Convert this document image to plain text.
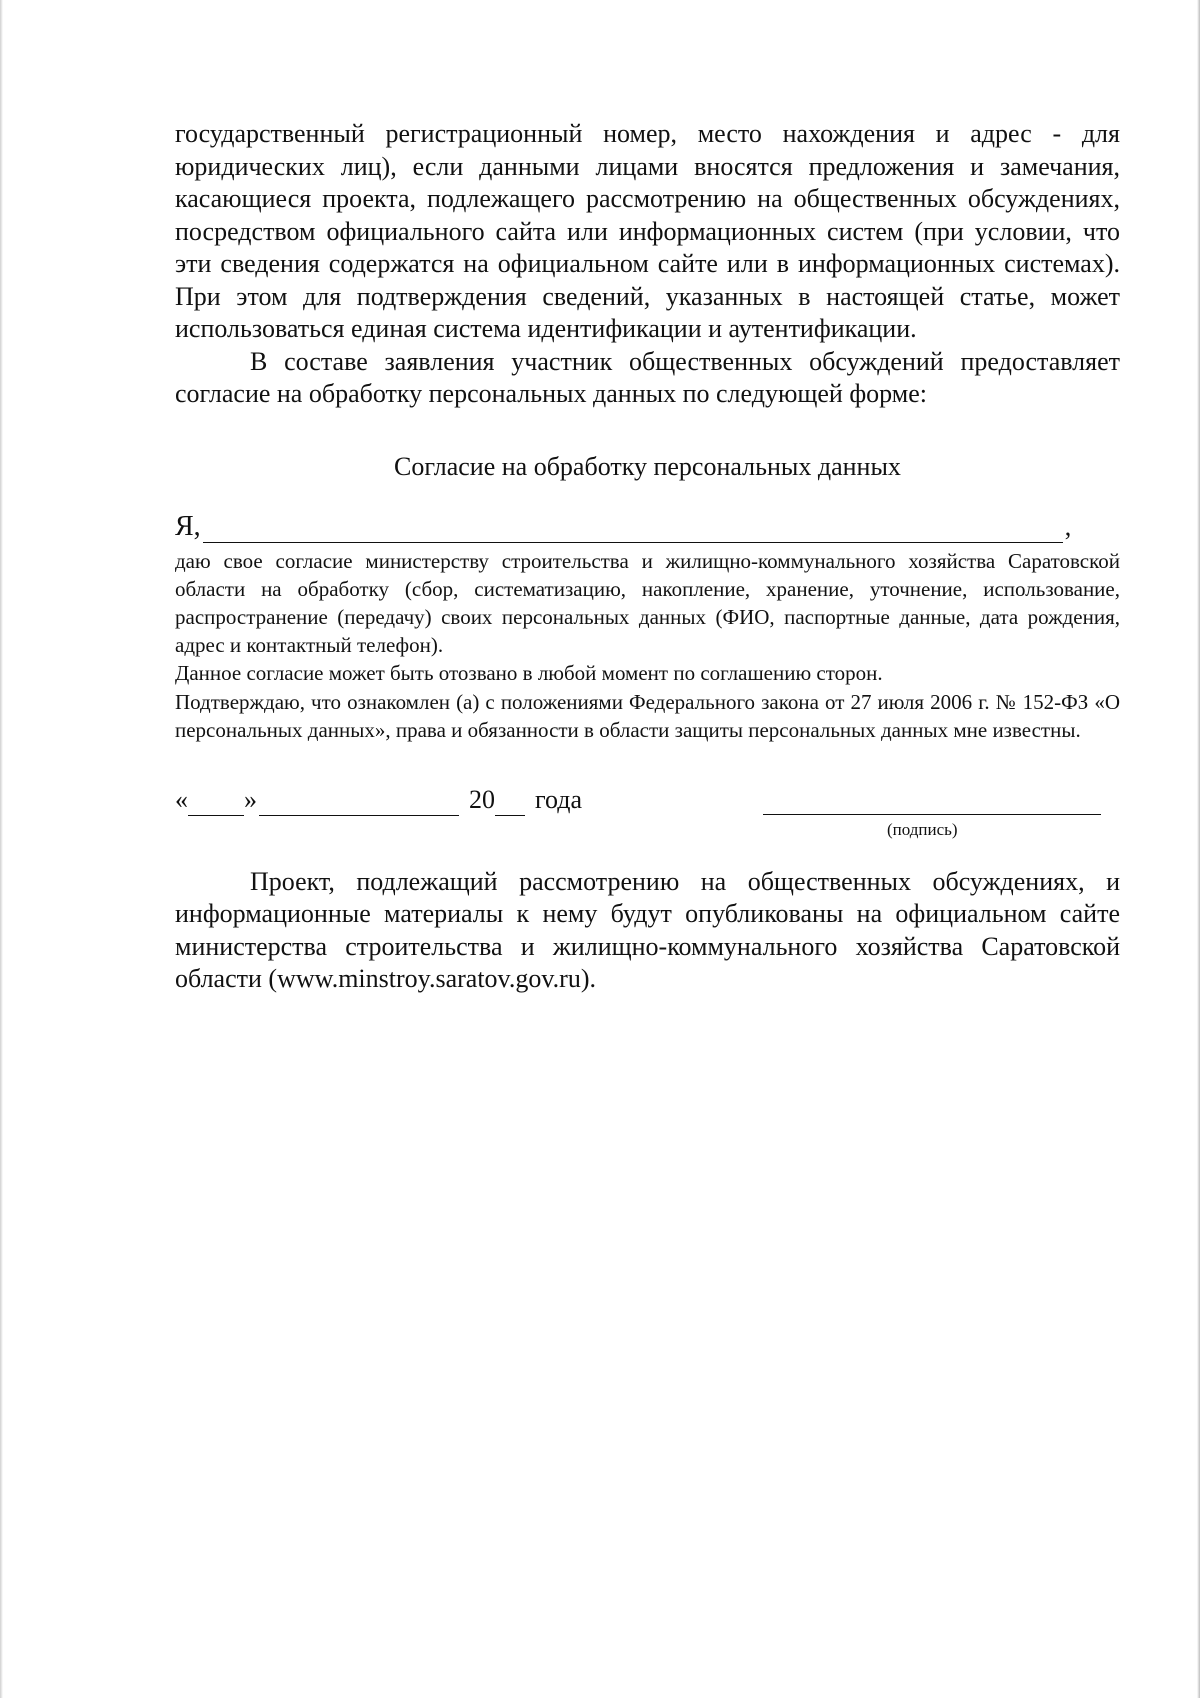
государственный регистрационный номер, место нахождения и адрес - для юридических лиц), если данными лицами вносятся предложения и замечания, касающиеся проекта, подлежащего рассмотрению на общественных обсуждениях, посредством официального сайта или информационных систем (при условии, что эти сведения содержатся на официальном сайте или в информационных системах). При этом для подтверждения сведений, указанных в настоящей статье, может использоваться единая система идентификации и аутентификации.

В составе заявления участник общественных обсуждений предоставляет согласие на обработку персональных данных по следующей форме:

Согласие на обработку персональных данных

Я,	,

даю свое согласие министерству строительства и жилищно-коммунального хозяйства Саратовской области на обработку (сбор, систематизацию, накопление, хранение, уточнение, использование, распространение (передачу) своих персональных данных (ФИО, паспортные данные, дата рождения, адрес и контактный телефон).

Данное согласие может быть отозвано в любой момент по соглашению сторон.

Подтверждаю, что ознакомлен (а) с положениями Федерального закона от 27 июля 2006 г. № 152-ФЗ «О персональных данных», права и обязанности в области защиты персональных данных мне известны.

« »	20 года
(подпись)

Проект, подлежащий рассмотрению на общественных обсуждениях, и информационные материалы к нему будут опубликованы на официальном сайте министерства строительства и жилищно-коммунального хозяйства Саратовской области (www.minstroy.saratov.gov.ru).
